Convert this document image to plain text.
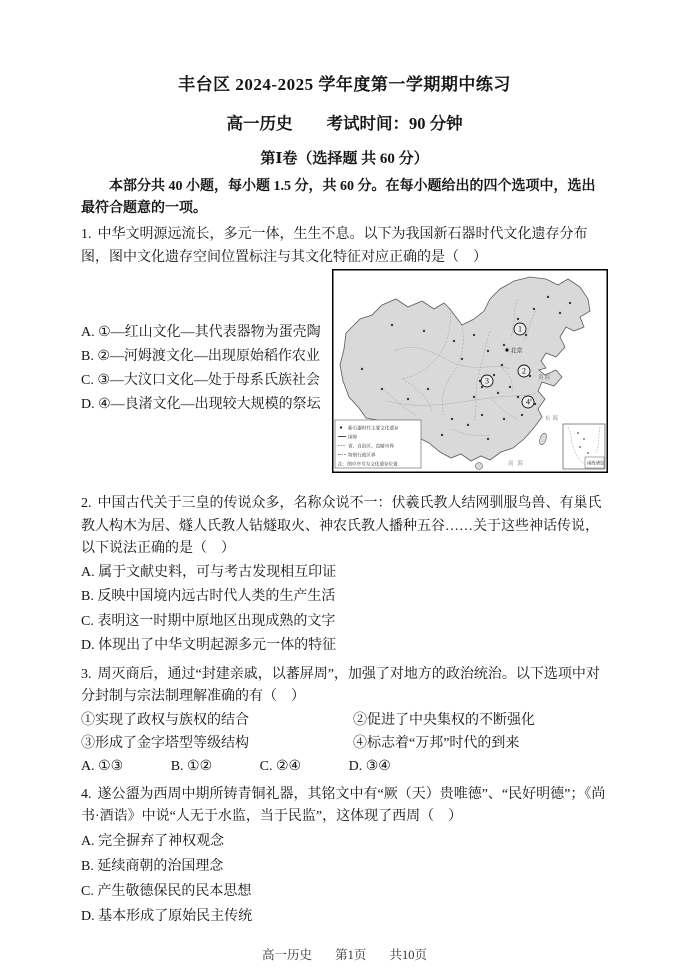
丰台区 2024-2025 学年度第一学期期中练习
高一历史 考试时间：90 分钟
第Ⅰ卷（选择题 共 60 分）

本部分共 40 小题，每小题 1.5 分，共 60 分。在每小题给出的四个选项中，选出最符合题意的一项。

1. 中华文明源远流长，多元一体，生生不息。以下为我国新石器时代文化遗存分布图，图中文化遗存空间位置标注与其文化特征对应正确的是（　）

A. ①—红山文化—其代表器物为蛋壳陶
B. ②—河姆渡文化—出现原始稻作农业
C. ③—大汶口文化—处于母系氏族社会
D. ④—良渚文化—出现较大规模的祭坛
北京
1
2
3
4
黄海
东海
南海
新石器时代主要文化遗存
国界
省、自治区、直辖市界
特别行政区界
注：图中序号为文化遗存位置	南海诸岛

2. 中国古代关于三皇的传说众多，名称众说不一：伏羲氏教人结网驯服鸟兽、有巢氏教人构木为居、燧人氏教人钻燧取火、神农氏教人播种五谷……关于这些神话传说，以下说法正确的是（　）

A. 属于文献史料，可与考古发现相互印证
B. 反映中国境内远古时代人类的生产生活
C. 表明这一时期中原地区出现成熟的文字
D. 体现出了中华文明起源多元一体的特征

3. 周灭商后，通过“封建亲戚，以蕃屏周”，加强了对地方的政治统治。以下选项中对分封制与宗法制理解准确的有（　）

①实现了政权与族权的结合	②促进了中央集权的不断强化
③形成了金字塔型等级结构	④标志着“万邦”时代的到来
A. ①③	B. ①②	C. ②④	D. ③④

4. 遂公盨为西周中期所铸青铜礼器，其铭文中有“厥（天）贵唯德”、“民好明德”；《尚书·酒诰》中说“人无于水监，当于民监”，这体现了西周（　）

A. 完全摒弃了神权观念
B. 延续商朝的治国理念
C. 产生敬德保民的民本思想
D. 基本形成了原始民主传统
高一历史 第1页 共10页
